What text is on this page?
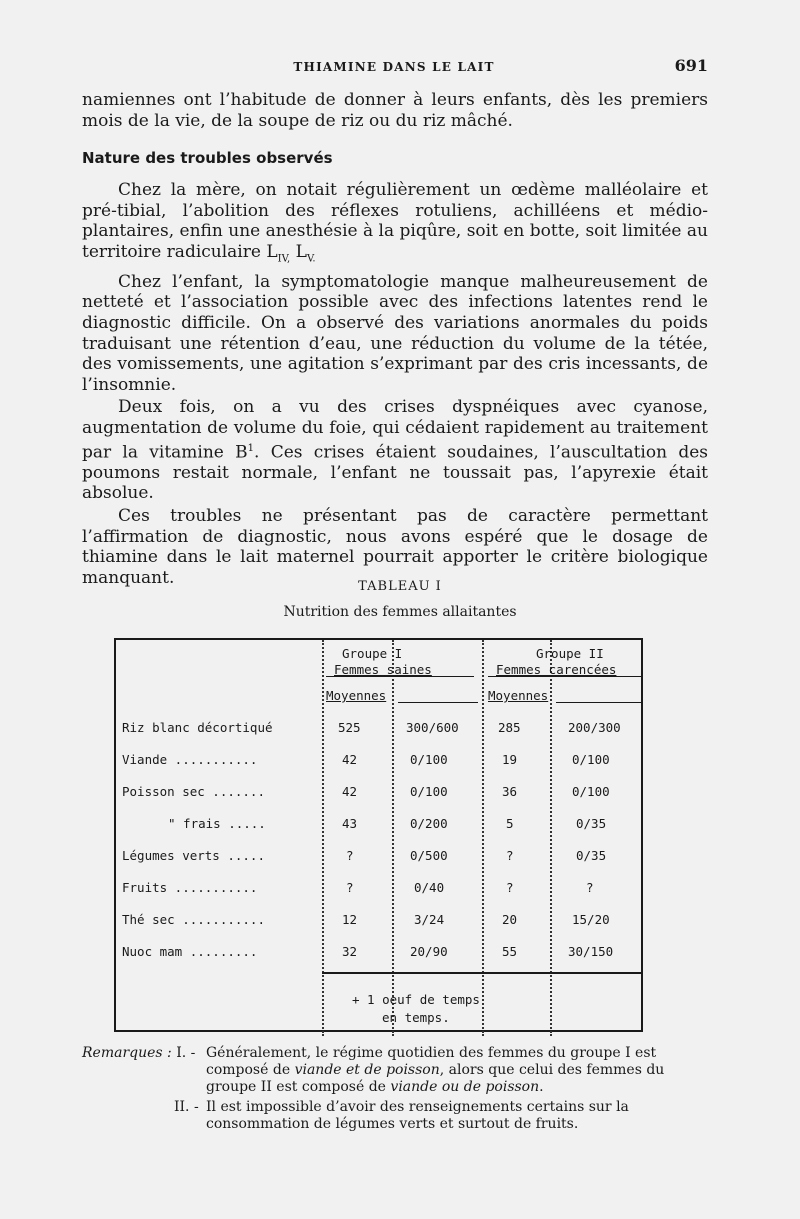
THIAMINE DANS LE LAIT	691

namiennes ont l’habitude de donner à leurs enfants, dès les premiers mois de la vie, de la soupe de riz ou du riz mâché.

Nature des troubles observés

Chez la mère, on notait régulièrement un œdème malléolaire et pré-tibial, l’abolition des réflexes rotuliens, achilléens et médio-plantaires, enfin une anesthésie à la piqûre, soit en botte, soit limitée au territoire radiculaire $L_{IV,}$ $L_{V.}$

Chez l’enfant, la symptomatologie manque malheureusement de netteté et l’association possible avec des infections latentes rend le diagnostic difficile. On a observé des variations anormales du poids traduisant une rétention d’eau, une réduction du volume de la tétée, des vomissements, une agitation s’exprimant par des cris incessants, de l’insomnie.

Deux fois, on a vu des crises dyspnéiques avec cyanose, augmentation de volume du foie, qui cédaient rapidement au traitement par la vitamine $B^1$. Ces crises étaient soudaines, l’auscultation des poumons restait normale, l’enfant ne toussait pas, l’apyrexie était absolue.

Ces troubles ne présentant pas de caractère permettant l’affirmation de diagnostic, nous avons espéré que le dosage de thiamine dans le lait maternel pourrait apporter le critère biologique manquant.	TABLEAU I
Nutrition des femmes allaitantes
Groupe I
Femmes saines
Groupe II
Femmes carencées
Moyennes	Moyennes
Riz blanc décortiqué	525	300/600	285	200/300
Viande ...........	42	0/100	19	0/100
Poisson sec .......	42	0/100	36	0/100
" frais .....	43	0/200	5	0/35
Légumes verts .....	?	0/500	?	0/35
Fruits ...........	?	0/40	?	?
Thé sec ...........	12	3/24	20	15/20
Nuoc mam .........	32	20/90	55	30/150
+ 1 oeuf de temps
en temps.
Remarques : I. - Généralement, le régime quotidien des femmes du groupe I est composé de viande et de poisson, alors que celui des femmes du groupe II est composé de viande ou de poisson.
II. - Il est impossible d’avoir des renseignements certains sur la consommation de légumes verts et surtout de fruits.
